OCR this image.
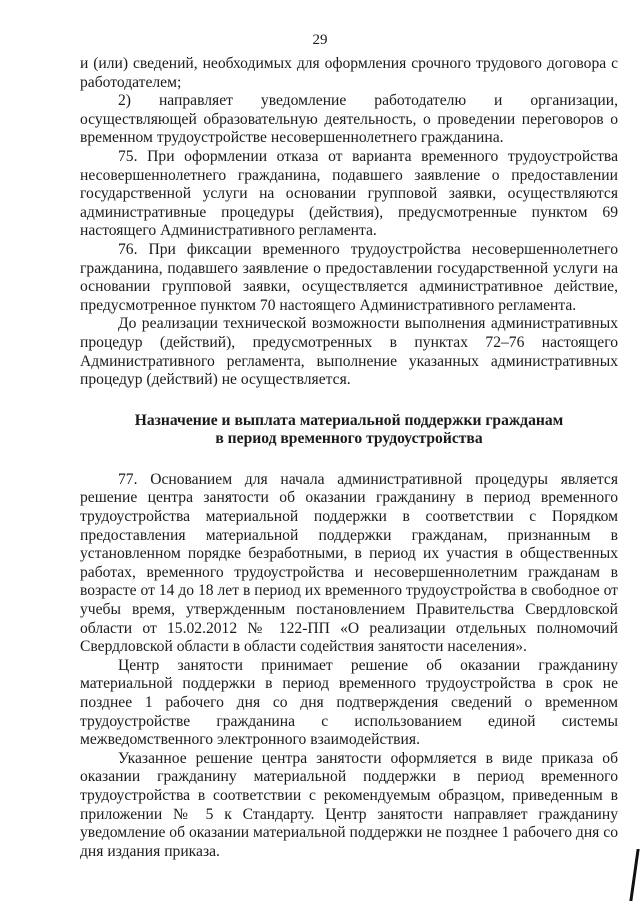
29

и (или) сведений, необходимых для оформления срочного трудового договора с работодателем;

2) направляет уведомление работодателю и организации, осуществляющей образовательную деятельность, о проведении переговоров о временном трудоустройстве несовершеннолетнего гражданина.

75. При оформлении отказа от варианта временного трудоустройства несовершеннолетнего гражданина, подавшего заявление о предоставлении государственной услуги на основании групповой заявки, осуществляются административные процедуры (действия), предусмотренные пунктом 69 настоящего Административного регламента.

76. При фиксации временного трудоустройства несовершеннолетнего гражданина, подавшего заявление о предоставлении государственной услуги на основании групповой заявки, осуществляется административное действие, предусмотренное пунктом 70 настоящего Административного регламента.

До реализации технической возможности выполнения административных процедур (действий), предусмотренных в пунктах 72–76 настоящего Административного регламента, выполнение указанных административных процедур (действий) не осуществляется.

Назначение и выплата материальной поддержки гражданам
в период временного трудоустройства

77. Основанием для начала административной процедуры является решение центра занятости об оказании гражданину в период временного трудоустройства материальной поддержки в соответствии с Порядком предоставления материальной поддержки гражданам, признанным в установленном порядке безработными, в период их участия в общественных работах, временного трудоустройства и несовершеннолетним гражданам в возрасте от 14 до 18 лет в период их временного трудоустройства в свободное от учебы время, утвержденным постановлением Правительства Свердловской области от 15.02.2012 № 122-ПП «О реализации отдельных полномочий Свердловской области в области содействия занятости населения».

Центр занятости принимает решение об оказании гражданину материальной поддержки в период временного трудоустройства в срок не позднее 1 рабочего дня со дня подтверждения сведений о временном трудоустройстве гражданина с использованием единой системы межведомственного электронного взаимодействия.

Указанное решение центра занятости оформляется в виде приказа об оказании гражданину материальной поддержки в период временного трудоустройства в соответствии с рекомендуемым образцом, приведенным в приложении № 5 к Стандарту. Центр занятости направляет гражданину уведомление об оказании материальной поддержки не позднее 1 рабочего дня со дня издания приказа.
